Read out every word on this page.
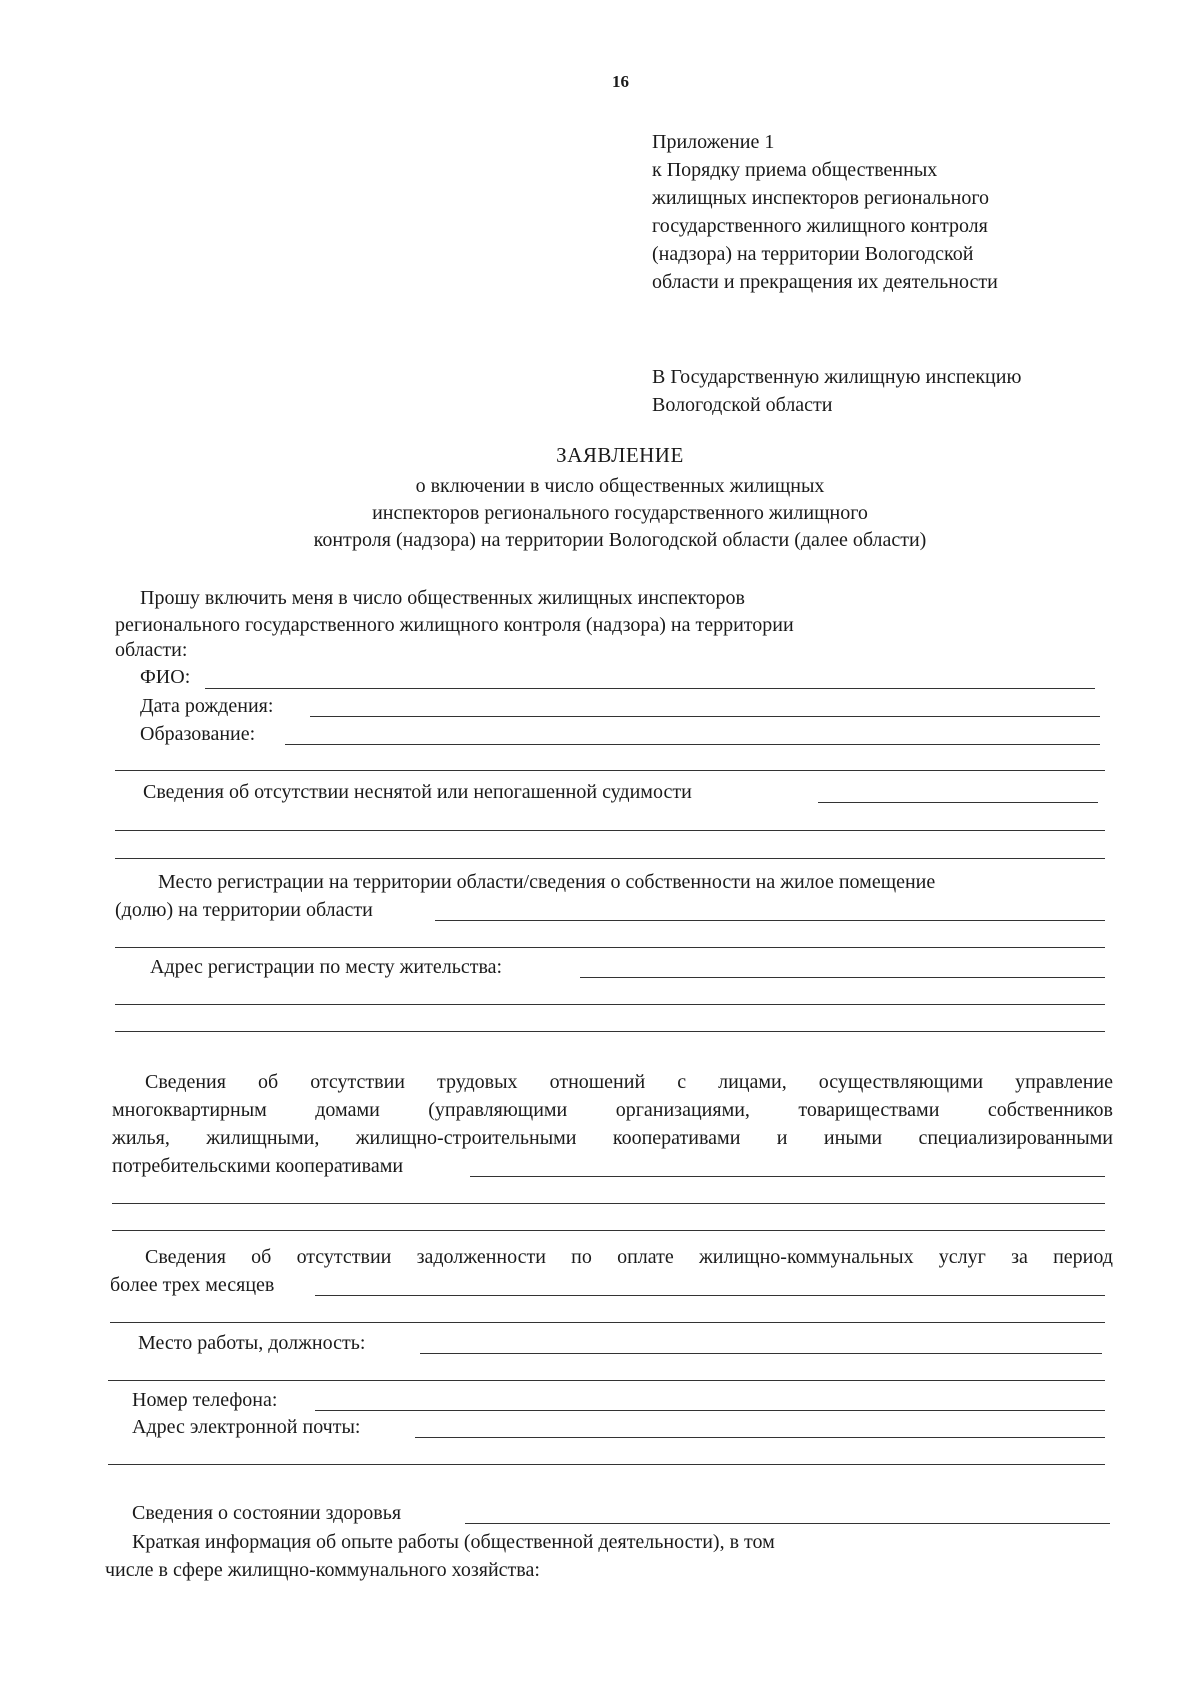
16
Приложение 1
к Порядку приема общественных
жилищных инспекторов регионального
государственного жилищного контроля
(надзора) на территории Вологодской
области и прекращения их деятельности
В Государственную жилищную инспекцию
Вологодской области
ЗАЯВЛЕНИЕ
о включении в число общественных жилищных
инспекторов регионального государственного жилищного
контроля (надзора) на территории Вологодской области (далее области)
Прошу включить меня в число общественных жилищных инспекторов
регионального государственного жилищного контроля (надзора) на территории
области:
ФИО:
Дата рождения:
Образование:
Сведения об отсутствии неснятой или непогашенной судимости
Место регистрации на территории области/сведения о собственности на жилое помещение
(долю) на территории области
Адрес регистрации по месту жительства:
Сведения об отсутствии трудовых отношений с лицами, осуществляющими управление
многоквартирным домами (управляющими организациями, товариществами собственников
жилья, жилищными, жилищно-строительными кооперативами и иными специализированными
потребительскими кооперативами
Сведения об отсутствии задолженности по оплате жилищно-коммунальных услуг за период
более трех месяцев
Место работы, должность:
Номер телефона:
Адрес электронной почты:
Сведения о состоянии здоровья
Краткая информация об опыте работы (общественной деятельности), в том
числе в сфере жилищно-коммунального хозяйства:
